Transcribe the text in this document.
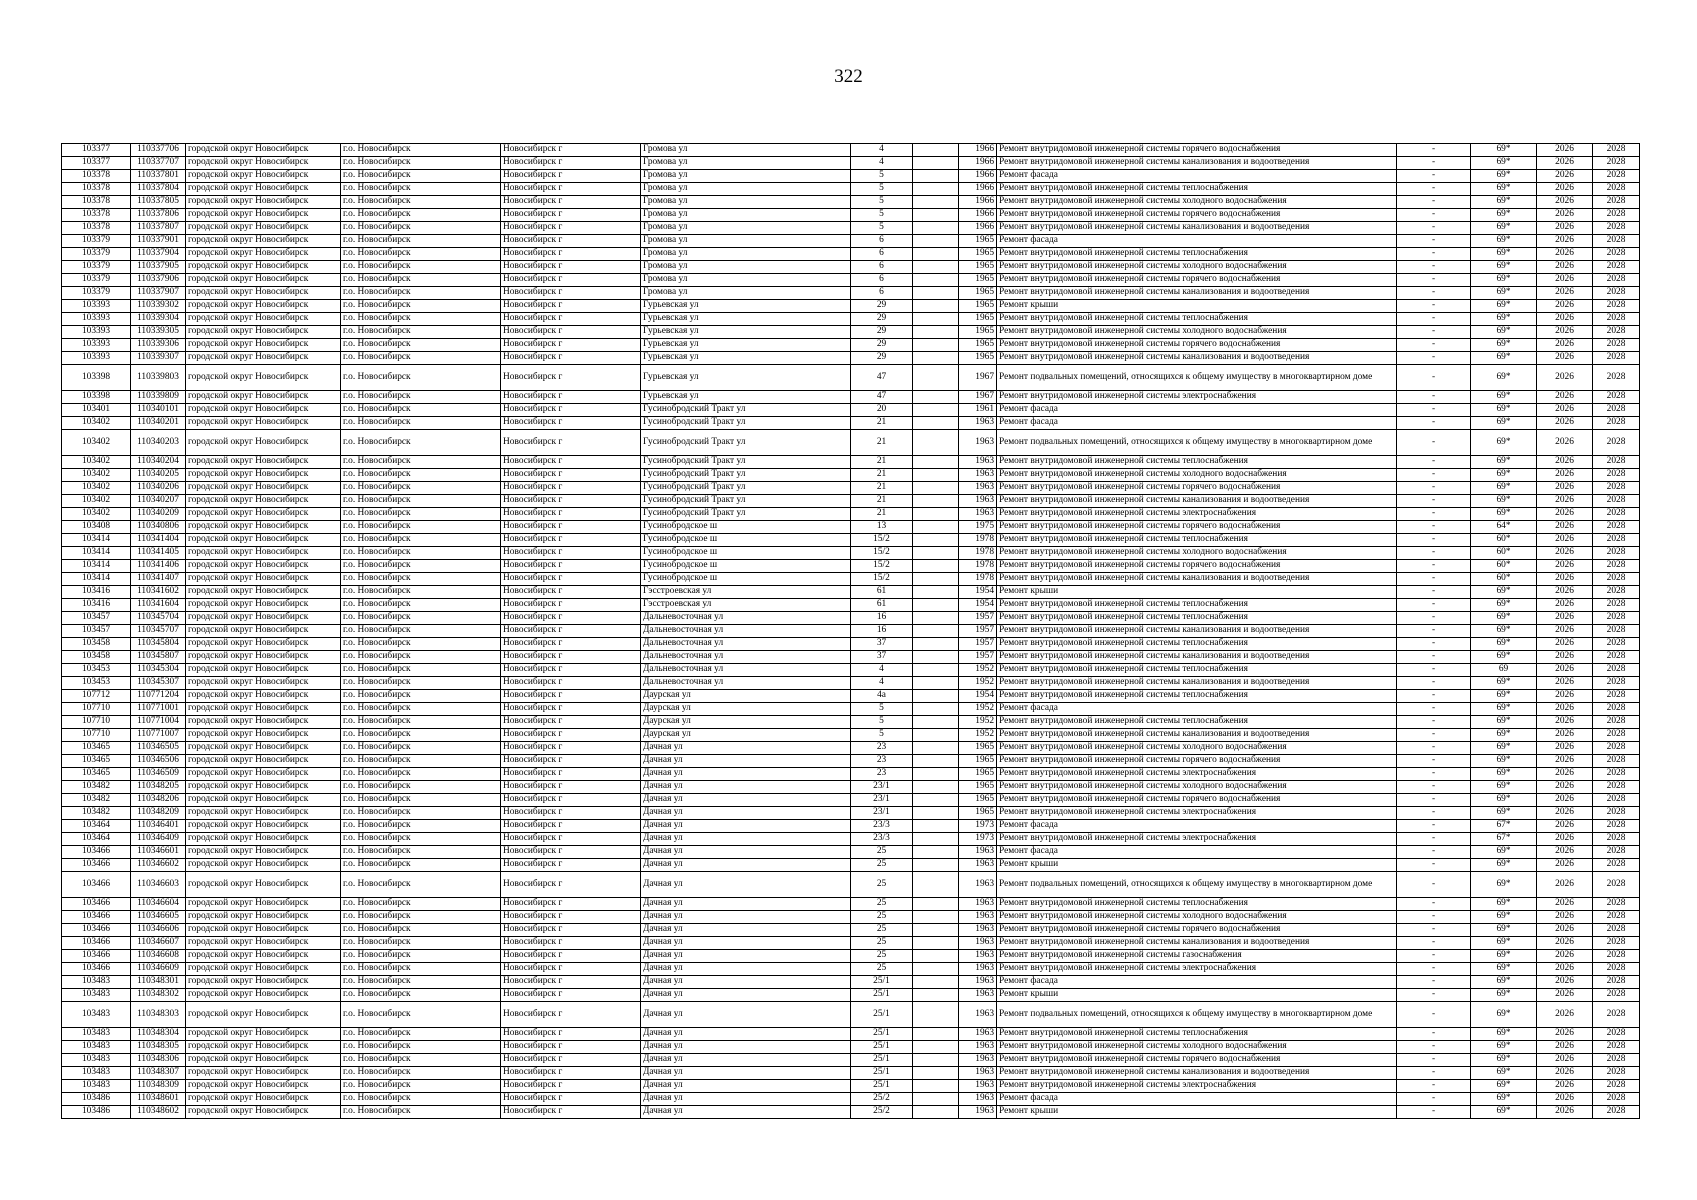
322
103377	110337706	городской округ Новосибирск	г.о. Новосибирск	Новосибирск г	Громова ул	4		1966	Ремонт внутридомовой инженерной системы горячего водоснабжения	-	69*	2026	2028
103377	110337707	городской округ Новосибирск	г.о. Новосибирск	Новосибирск г	Громова ул	4		1966	Ремонт внутридомовой инженерной системы канализования и водоотведения	-	69*	2026	2028
103378	110337801	городской округ Новосибирск	г.о. Новосибирск	Новосибирск г	Громова ул	5		1966	Ремонт фасада	-	69*	2026	2028
103378	110337804	городской округ Новосибирск	г.о. Новосибирск	Новосибирск г	Громова ул	5		1966	Ремонт внутридомовой инженерной системы теплоснабжения	-	69*	2026	2028
103378	110337805	городской округ Новосибирск	г.о. Новосибирск	Новосибирск г	Громова ул	5		1966	Ремонт внутридомовой инженерной системы холодного водоснабжения	-	69*	2026	2028
103378	110337806	городской округ Новосибирск	г.о. Новосибирск	Новосибирск г	Громова ул	5		1966	Ремонт внутридомовой инженерной системы горячего водоснабжения	-	69*	2026	2028
103378	110337807	городской округ Новосибирск	г.о. Новосибирск	Новосибирск г	Громова ул	5		1966	Ремонт внутридомовой инженерной системы канализования и водоотведения	-	69*	2026	2028
103379	110337901	городской округ Новосибирск	г.о. Новосибирск	Новосибирск г	Громова ул	6		1965	Ремонт фасада	-	69*	2026	2028
103379	110337904	городской округ Новосибирск	г.о. Новосибирск	Новосибирск г	Громова ул	6		1965	Ремонт внутридомовой инженерной системы теплоснабжения	-	69*	2026	2028
103379	110337905	городской округ Новосибирск	г.о. Новосибирск	Новосибирск г	Громова ул	6		1965	Ремонт внутридомовой инженерной системы холодного водоснабжения	-	69*	2026	2028
103379	110337906	городской округ Новосибирск	г.о. Новосибирск	Новосибирск г	Громова ул	6		1965	Ремонт внутридомовой инженерной системы горячего водоснабжения	-	69*	2026	2028
103379	110337907	городской округ Новосибирск	г.о. Новосибирск	Новосибирск г	Громова ул	6		1965	Ремонт внутридомовой инженерной системы канализования и водоотведения	-	69*	2026	2028
103393	110339302	городской округ Новосибирск	г.о. Новосибирск	Новосибирск г	Гурьевская ул	29		1965	Ремонт крыши	-	69*	2026	2028
103393	110339304	городской округ Новосибирск	г.о. Новосибирск	Новосибирск г	Гурьевская ул	29		1965	Ремонт внутридомовой инженерной системы теплоснабжения	-	69*	2026	2028
103393	110339305	городской округ Новосибирск	г.о. Новосибирск	Новосибирск г	Гурьевская ул	29		1965	Ремонт внутридомовой инженерной системы холодного водоснабжения	-	69*	2026	2028
103393	110339306	городской округ Новосибирск	г.о. Новосибирск	Новосибирск г	Гурьевская ул	29		1965	Ремонт внутридомовой инженерной системы горячего водоснабжения	-	69*	2026	2028
103393	110339307	городской округ Новосибирск	г.о. Новосибирск	Новосибирск г	Гурьевская ул	29		1965	Ремонт внутридомовой инженерной системы канализования и водоотведения	-	69*	2026	2028
103398	110339803	городской округ Новосибирск	г.о. Новосибирск	Новосибирск г	Гурьевская ул	47		1967	Ремонт подвальных помещений, относящихся к общему имуществу в многоквартирном доме	-	69*	2026	2028
103398	110339809	городской округ Новосибирск	г.о. Новосибирск	Новосибирск г	Гурьевская ул	47		1967	Ремонт внутридомовой инженерной системы электроснабжения	-	69*	2026	2028
103401	110340101	городской округ Новосибирск	г.о. Новосибирск	Новосибирск г	Гусинобродский Тракт ул	20		1961	Ремонт фасада	-	69*	2026	2028
103402	110340201	городской округ Новосибирск	г.о. Новосибирск	Новосибирск г	Гусинобродский Тракт ул	21		1963	Ремонт фасада	-	69*	2026	2028
103402	110340203	городской округ Новосибирск	г.о. Новосибирск	Новосибирск г	Гусинобродский Тракт ул	21		1963	Ремонт подвальных помещений, относящихся к общему имуществу в многоквартирном доме	-	69*	2026	2028
103402	110340204	городской округ Новосибирск	г.о. Новосибирск	Новосибирск г	Гусинобродский Тракт ул	21		1963	Ремонт внутридомовой инженерной системы теплоснабжения	-	69*	2026	2028
103402	110340205	городской округ Новосибирск	г.о. Новосибирск	Новосибирск г	Гусинобродский Тракт ул	21		1963	Ремонт внутридомовой инженерной системы холодного водоснабжения	-	69*	2026	2028
103402	110340206	городской округ Новосибирск	г.о. Новосибирск	Новосибирск г	Гусинобродский Тракт ул	21		1963	Ремонт внутридомовой инженерной системы горячего водоснабжения	-	69*	2026	2028
103402	110340207	городской округ Новосибирск	г.о. Новосибирск	Новосибирск г	Гусинобродский Тракт ул	21		1963	Ремонт внутридомовой инженерной системы канализования и водоотведения	-	69*	2026	2028
103402	110340209	городской округ Новосибирск	г.о. Новосибирск	Новосибирск г	Гусинобродский Тракт ул	21		1963	Ремонт внутридомовой инженерной системы электроснабжения	-	69*	2026	2028
103408	110340806	городской округ Новосибирск	г.о. Новосибирск	Новосибирск г	Гусинобродское ш	13		1975	Ремонт внутридомовой инженерной системы горячего водоснабжения	-	64*	2026	2028
103414	110341404	городской округ Новосибирск	г.о. Новосибирск	Новосибирск г	Гусинобродское ш	15/2		1978	Ремонт внутридомовой инженерной системы теплоснабжения	-	60*	2026	2028
103414	110341405	городской округ Новосибирск	г.о. Новосибирск	Новосибирск г	Гусинобродское ш	15/2		1978	Ремонт внутридомовой инженерной системы холодного водоснабжения	-	60*	2026	2028
103414	110341406	городской округ Новосибирск	г.о. Новосибирск	Новосибирск г	Гусинобродское ш	15/2		1978	Ремонт внутридомовой инженерной системы горячего водоснабжения	-	60*	2026	2028
103414	110341407	городской округ Новосибирск	г.о. Новосибирск	Новосибирск г	Гусинобродское ш	15/2		1978	Ремонт внутридомовой инженерной системы канализования и водоотведения	-	60*	2026	2028
103416	110341602	городской округ Новосибирск	г.о. Новосибирск	Новосибирск г	Гэсстроевская ул	61		1954	Ремонт крыши	-	69*	2026	2028
103416	110341604	городской округ Новосибирск	г.о. Новосибирск	Новосибирск г	Гэсстроевская ул	61		1954	Ремонт внутридомовой инженерной системы теплоснабжения	-	69*	2026	2028
103457	110345704	городской округ Новосибирск	г.о. Новосибирск	Новосибирск г	Дальневосточная ул	16		1957	Ремонт внутридомовой инженерной системы теплоснабжения	-	69*	2026	2028
103457	110345707	городской округ Новосибирск	г.о. Новосибирск	Новосибирск г	Дальневосточная ул	16		1957	Ремонт внутридомовой инженерной системы канализования и водоотведения	-	69*	2026	2028
103458	110345804	городской округ Новосибирск	г.о. Новосибирск	Новосибирск г	Дальневосточная ул	37		1957	Ремонт внутридомовой инженерной системы теплоснабжения	-	69*	2026	2028
103458	110345807	городской округ Новосибирск	г.о. Новосибирск	Новосибирск г	Дальневосточная ул	37		1957	Ремонт внутридомовой инженерной системы канализования и водоотведения	-	69*	2026	2028
103453	110345304	городской округ Новосибирск	г.о. Новосибирск	Новосибирск г	Дальневосточная ул	4		1952	Ремонт внутридомовой инженерной системы теплоснабжения	-	69	2026	2028
103453	110345307	городской округ Новосибирск	г.о. Новосибирск	Новосибирск г	Дальневосточная ул	4		1952	Ремонт внутридомовой инженерной системы канализования и водоотведения	-	69*	2026	2028
107712	110771204	городской округ Новосибирск	г.о. Новосибирск	Новосибирск г	Даурская ул	4а		1954	Ремонт внутридомовой инженерной системы теплоснабжения	-	69*	2026	2028
107710	110771001	городской округ Новосибирск	г.о. Новосибирск	Новосибирск г	Даурская ул	5		1952	Ремонт фасада	-	69*	2026	2028
107710	110771004	городской округ Новосибирск	г.о. Новосибирск	Новосибирск г	Даурская ул	5		1952	Ремонт внутридомовой инженерной системы теплоснабжения	-	69*	2026	2028
107710	110771007	городской округ Новосибирск	г.о. Новосибирск	Новосибирск г	Даурская ул	5		1952	Ремонт внутридомовой инженерной системы канализования и водоотведения	-	69*	2026	2028
103465	110346505	городской округ Новосибирск	г.о. Новосибирск	Новосибирск г	Дачная ул	23		1965	Ремонт внутридомовой инженерной системы холодного водоснабжения	-	69*	2026	2028
103465	110346506	городской округ Новосибирск	г.о. Новосибирск	Новосибирск г	Дачная ул	23		1965	Ремонт внутридомовой инженерной системы горячего водоснабжения	-	69*	2026	2028
103465	110346509	городской округ Новосибирск	г.о. Новосибирск	Новосибирск г	Дачная ул	23		1965	Ремонт внутридомовой инженерной системы электроснабжения	-	69*	2026	2028
103482	110348205	городской округ Новосибирск	г.о. Новосибирск	Новосибирск г	Дачная ул	23/1		1965	Ремонт внутридомовой инженерной системы холодного водоснабжения	-	69*	2026	2028
103482	110348206	городской округ Новосибирск	г.о. Новосибирск	Новосибирск г	Дачная ул	23/1		1965	Ремонт внутридомовой инженерной системы горячего водоснабжения	-	69*	2026	2028
103482	110348209	городской округ Новосибирск	г.о. Новосибирск	Новосибирск г	Дачная ул	23/1		1965	Ремонт внутридомовой инженерной системы электроснабжения	-	69*	2026	2028
103464	110346401	городской округ Новосибирск	г.о. Новосибирск	Новосибирск г	Дачная ул	23/3		1973	Ремонт фасада	-	67*	2026	2028
103464	110346409	городской округ Новосибирск	г.о. Новосибирск	Новосибирск г	Дачная ул	23/3		1973	Ремонт внутридомовой инженерной системы электроснабжения	-	67*	2026	2028
103466	110346601	городской округ Новосибирск	г.о. Новосибирск	Новосибирск г	Дачная ул	25		1963	Ремонт фасада	-	69*	2026	2028
103466	110346602	городской округ Новосибирск	г.о. Новосибирск	Новосибирск г	Дачная ул	25		1963	Ремонт крыши	-	69*	2026	2028
103466	110346603	городской округ Новосибирск	г.о. Новосибирск	Новосибирск г	Дачная ул	25		1963	Ремонт подвальных помещений, относящихся к общему имуществу в многоквартирном доме	-	69*	2026	2028
103466	110346604	городской округ Новосибирск	г.о. Новосибирск	Новосибирск г	Дачная ул	25		1963	Ремонт внутридомовой инженерной системы теплоснабжения	-	69*	2026	2028
103466	110346605	городской округ Новосибирск	г.о. Новосибирск	Новосибирск г	Дачная ул	25		1963	Ремонт внутридомовой инженерной системы холодного водоснабжения	-	69*	2026	2028
103466	110346606	городской округ Новосибирск	г.о. Новосибирск	Новосибирск г	Дачная ул	25		1963	Ремонт внутридомовой инженерной системы горячего водоснабжения	-	69*	2026	2028
103466	110346607	городской округ Новосибирск	г.о. Новосибирск	Новосибирск г	Дачная ул	25		1963	Ремонт внутридомовой инженерной системы канализования и водоотведения	-	69*	2026	2028
103466	110346608	городской округ Новосибирск	г.о. Новосибирск	Новосибирск г	Дачная ул	25		1963	Ремонт внутридомовой инженерной системы газоснабжения	-	69*	2026	2028
103466	110346609	городской округ Новосибирск	г.о. Новосибирск	Новосибирск г	Дачная ул	25		1963	Ремонт внутридомовой инженерной системы электроснабжения	-	69*	2026	2028
103483	110348301	городской округ Новосибирск	г.о. Новосибирск	Новосибирск г	Дачная ул	25/1		1963	Ремонт фасада	-	69*	2026	2028
103483	110348302	городской округ Новосибирск	г.о. Новосибирск	Новосибирск г	Дачная ул	25/1		1963	Ремонт крыши	-	69*	2026	2028
103483	110348303	городской округ Новосибирск	г.о. Новосибирск	Новосибирск г	Дачная ул	25/1		1963	Ремонт подвальных помещений, относящихся к общему имуществу в многоквартирном доме	-	69*	2026	2028
103483	110348304	городской округ Новосибирск	г.о. Новосибирск	Новосибирск г	Дачная ул	25/1		1963	Ремонт внутридомовой инженерной системы теплоснабжения	-	69*	2026	2028
103483	110348305	городской округ Новосибирск	г.о. Новосибирск	Новосибирск г	Дачная ул	25/1		1963	Ремонт внутридомовой инженерной системы холодного водоснабжения	-	69*	2026	2028
103483	110348306	городской округ Новосибирск	г.о. Новосибирск	Новосибирск г	Дачная ул	25/1		1963	Ремонт внутридомовой инженерной системы горячего водоснабжения	-	69*	2026	2028
103483	110348307	городской округ Новосибирск	г.о. Новосибирск	Новосибирск г	Дачная ул	25/1		1963	Ремонт внутридомовой инженерной системы канализования и водоотведения	-	69*	2026	2028
103483	110348309	городской округ Новосибирск	г.о. Новосибирск	Новосибирск г	Дачная ул	25/1		1963	Ремонт внутридомовой инженерной системы электроснабжения	-	69*	2026	2028
103486	110348601	городской округ Новосибирск	г.о. Новосибирск	Новосибирск г	Дачная ул	25/2		1963	Ремонт фасада	-	69*	2026	2028
103486	110348602	городской округ Новосибирск	г.о. Новосибирск	Новосибирск г	Дачная ул	25/2		1963	Ремонт крыши	-	69*	2026	2028
